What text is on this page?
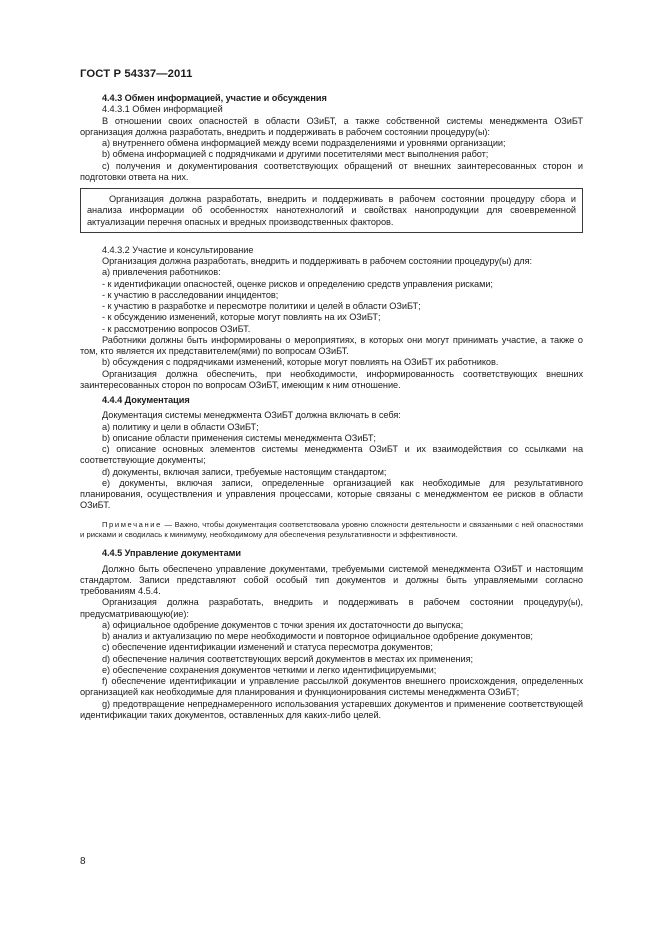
ГОСТ Р 54337—2011

4.4.3 Обмен информацией, участие и обсуждения

4.4.3.1 Обмен информацией

В отношении своих опасностей в области ОЗиБТ, а также собственной системы менеджмента ОЗиБТ организация должна разработать, внедрить и поддерживать в рабочем состоянии процедуру(ы):

a) внутреннего обмена информацией между всеми подразделениями и уровнями организации;

b) обмена информацией с подрядчиками и другими посетителями мест выполнения работ;

c) получения и документирования соответствующих обращений от внешних заинтересованных сторон и подготовки ответа на них.

Организация должна разработать, внедрить и поддерживать в рабочем состоянии процедуру сбора и анализа информации об особенностях нанотехнологий и свойствах нанопродукции для своевременной актуализации перечня опасных и вредных производственных факторов.

4.4.3.2 Участие и консультирование

Организация должна разработать, внедрить и поддерживать в рабочем состоянии процедуру(ы) для:

a) привлечения работников:

- к идентификации опасностей, оценке рисков и определению средств управления рисками;

- к участию в расследовании инцидентов;

- к участию в разработке и пересмотре политики и целей в области ОЗиБТ;

- к обсуждению изменений, которые могут повлиять на их ОЗиБТ;

- к рассмотрению вопросов ОЗиБТ.

Работники должны быть информированы о мероприятиях, в которых они могут принимать участие, а также о том, кто является их представителем(ями) по вопросам ОЗиБТ.

b) обсуждения с подрядчиками изменений, которые могут повлиять на ОЗиБТ их работников.

Организация должна обеспечить, при необходимости, информированность соответствующих внешних заинтересованных сторон по вопросам ОЗиБТ, имеющим к ним отношение.

4.4.4 Документация

Документация системы менеджмента ОЗиБТ должна включать в себя:

a) политику и цели в области ОЗиБТ;

b) описание области применения системы менеджмента ОЗиБТ;

c) описание основных элементов системы менеджмента ОЗиБТ и их взаимодействия со ссылками на соответствующие документы;

d) документы, включая записи, требуемые настоящим стандартом;

e) документы, включая записи, определенные организацией как необходимые для результативного планирования, осуществления и управления процессами, которые связаны с менеджментом ее рисков в области ОЗиБТ.

Примечание — Важно, чтобы документация соответствовала уровню сложности деятельности и связанными с ней опасностями и рисками и сводилась к минимуму, необходимому для обеспечения результативности и эффективности.

4.4.5 Управление документами

Должно быть обеспечено управление документами, требуемыми системой менеджмента ОЗиБТ и настоящим стандартом. Записи представляют собой особый тип документов и должны быть управляемыми согласно требованиям 4.5.4.

Организация должна разработать, внедрить и поддерживать в рабочем состоянии процедуру(ы), предусматривающую(ие):

a) официальное одобрение документов с точки зрения их достаточности до выпуска;

b) анализ и актуализацию по мере необходимости и повторное официальное одобрение документов;

c) обеспечение идентификации изменений и статуса пересмотра документов;

d) обеспечение наличия соответствующих версий документов в местах их применения;

e) обеспечение сохранения документов четкими и легко идентифицируемыми;

f) обеспечение идентификации и управление рассылкой документов внешнего происхождения, определенных организацией как необходимые для планирования и функционирования системы менеджмента ОЗиБТ;

g) предотвращение непреднамеренного использования устаревших документов и применение соответствующей идентификации таких документов, оставленных для каких-либо целей.

8
